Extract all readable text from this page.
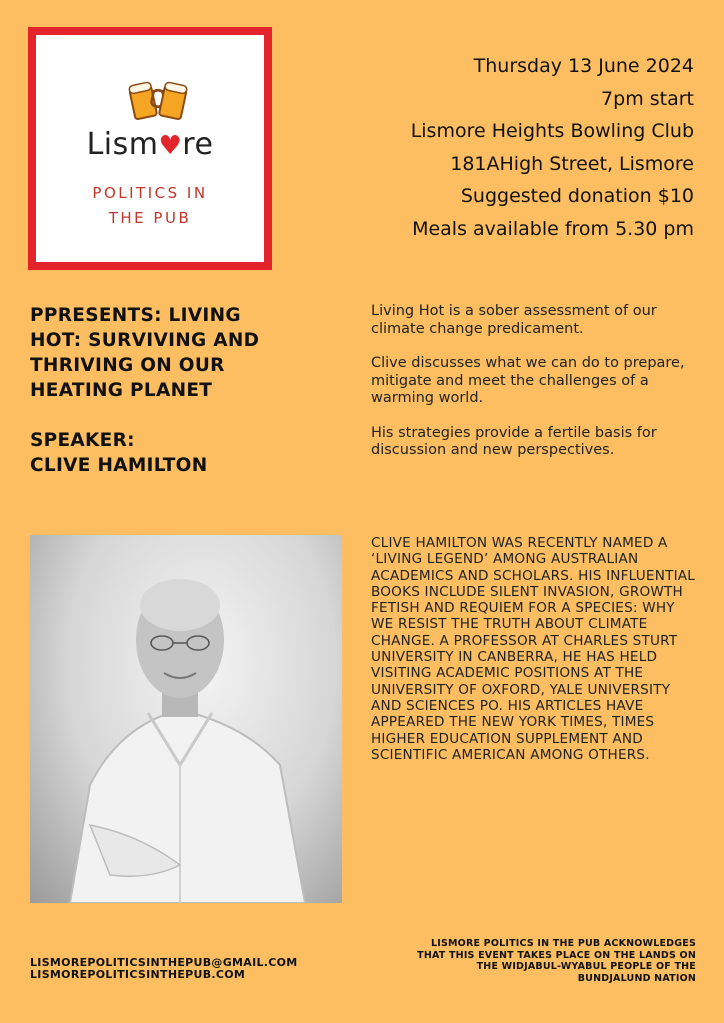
Lism♥re
POLITICS IN
THE PUB
Thursday 13 June 2024
7pm start
Lismore Heights Bowling Club
181AHigh Street, Lismore
Suggested donation $10
Meals available from 5.30 pm
PPRESENTS: LIVING
HOT: SURVIVING AND
THRIVING ON OUR
HEATING PLANET
SPEAKER:
CLIVE HAMILTON

Living Hot is a sober assessment of our climate change predicament.

Clive discusses what we can do to prepare, mitigate and meet the challenges of a warming world.

His strategies provide a fertile basis for discussion and new perspectives.

CLIVE HAMILTON WAS RECENTLY NAMED A ‘LIVING LEGEND’ AMONG AUSTRALIAN ACADEMICS AND SCHOLARS. HIS INFLUENTIAL BOOKS INCLUDE SILENT INVASION, GROWTH FETISH AND REQUIEM FOR A SPECIES: WHY WE RESIST THE TRUTH ABOUT CLIMATE CHANGE. A PROFESSOR AT CHARLES STURT UNIVERSITY IN CANBERRA, HE HAS HELD VISITING ACADEMIC POSITIONS AT THE UNIVERSITY OF OXFORD, YALE UNIVERSITY AND SCIENCES PO. HIS ARTICLES HAVE APPEARED THE NEW YORK TIMES, TIMES HIGHER EDUCATION SUPPLEMENT AND SCIENTIFIC AMERICAN AMONG OTHERS.
LISMOREPOLITICSINTHEPUB@GMAIL.COM
LISMOREPOLITICSINTHEPUB.COM
LISMORE POLITICS IN THE PUB ACKNOWLEDGES
THAT THIS EVENT TAKES PLACE ON THE LANDS ON
THE WIDJABUL-WYABUL PEOPLE OF THE
BUNDJALUND NATION
